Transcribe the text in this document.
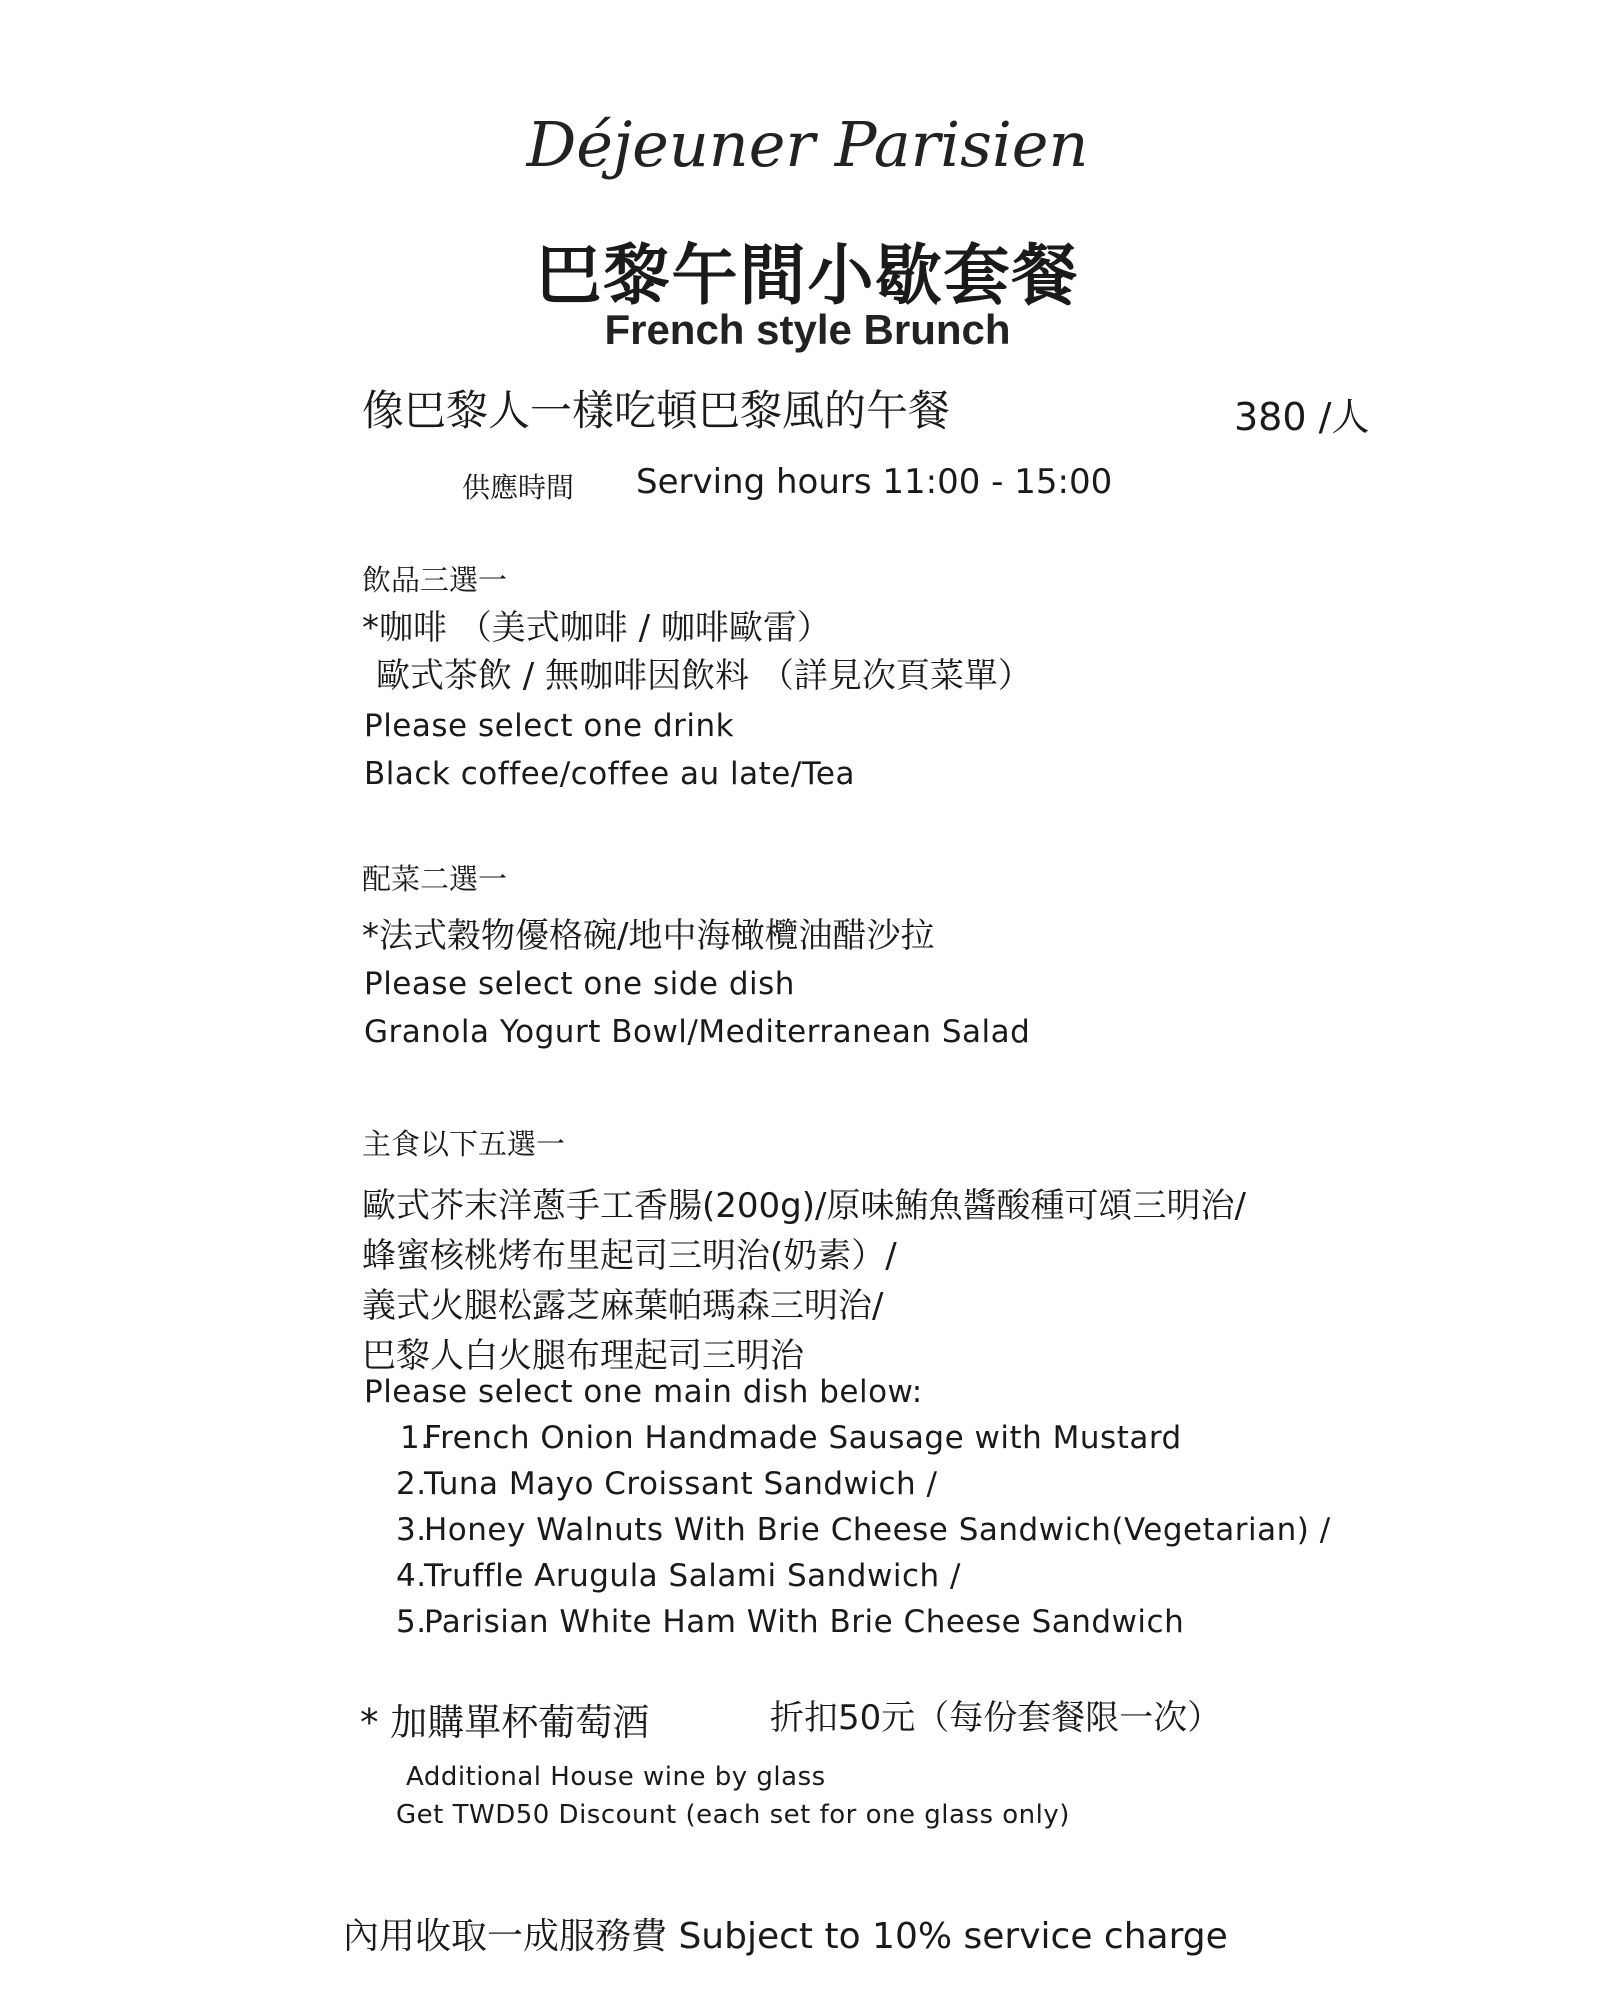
Déjeuner Parisien
巴黎午間小歇套餐
French style Brunch
像巴黎人一樣吃頓巴黎風的午餐	380 /人
供應時間 Serving hours 11:00 - 15:00
飲品三選一
*咖啡 （美式咖啡 / 咖啡歐雷）
歐式茶飲 / 無咖啡因飲料 （詳見次頁菜單）
Please select one drink
Black coffee/coffee au late/Tea
配菜二選一
*法式穀物優格碗/地中海橄欖油醋沙拉
Please select one side dish
Granola Yogurt Bowl/Mediterranean Salad
主食以下五選一
歐式芥末洋蔥手工香腸(200g)/原味鮪魚醬酸種可頌三明治/
蜂蜜核桃烤布里起司三明治(奶素）/
義式火腿松露芝麻葉帕瑪森三明治/
巴黎人白火腿布理起司三明治
Please select one main dish below:
1.
French Onion Handmade Sausage with Mustard
2.
Tuna Mayo Croissant Sandwich /
3.
Honey Walnuts With Brie Cheese Sandwich(Vegetarian) /
4.
Truffle Arugula Salami Sandwich /
5.
Parisian White Ham With Brie Cheese Sandwich
* 加購單杯葡萄酒	折扣50元（每份套餐限一次）
Additional House wine by glass
Get TWD50 Discount (each set for one glass only)
內用收取一成服務費 Subject to 10% service charge
